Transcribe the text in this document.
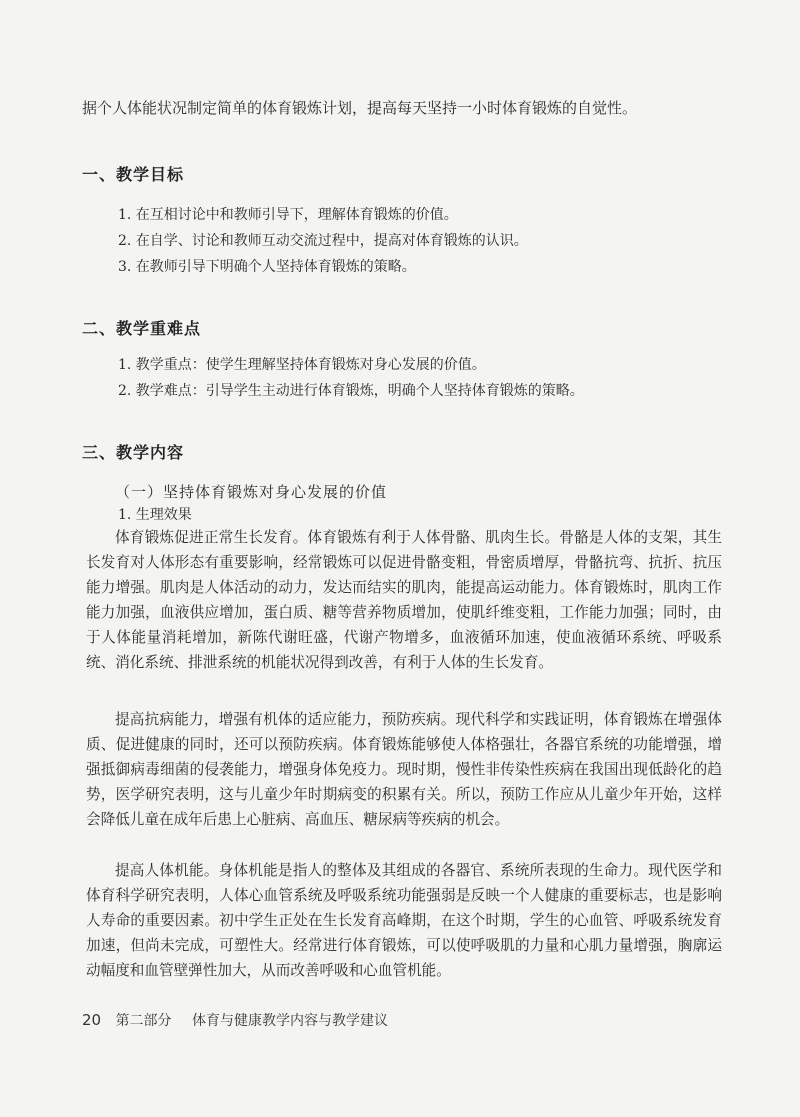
据个人体能状况制定简单的体育锻炼计划，提高每天坚持一小时体育锻炼的自觉性。
一、教学目标
1. 在互相讨论中和教师引导下，理解体育锻炼的价值。
2. 在自学、讨论和教师互动交流过程中，提高对体育锻炼的认识。
3. 在教师引导下明确个人坚持体育锻炼的策略。
二、教学重难点
1. 教学重点：使学生理解坚持体育锻炼对身心发展的价值。
2. 教学难点：引导学生主动进行体育锻炼，明确个人坚持体育锻炼的策略。
三、教学内容
（一）坚持体育锻炼对身心发展的价值
1. 生理效果

体育锻炼促进正常生长发育。体育锻炼有利于人体骨骼、肌肉生长。骨骼是人体的支架，其生长发育对人体形态有重要影响，经常锻炼可以促进骨骼变粗，骨密质增厚，骨骼抗弯、抗折、抗压能力增强。肌肉是人体活动的动力，发达而结实的肌肉，能提高运动能力。体育锻炼时，肌肉工作能力加强，血液供应增加，蛋白质、糖等营养物质增加，使肌纤维变粗，工作能力加强；同时，由于人体能量消耗增加，新陈代谢旺盛，代谢产物增多，血液循环加速，使血液循环系统、呼吸系统、消化系统、排泄系统的机能状况得到改善，有利于人体的生长发育。

提高抗病能力，增强有机体的适应能力，预防疾病。现代科学和实践证明，体育锻炼在增强体质、促进健康的同时，还可以预防疾病。体育锻炼能够使人体格强壮，各器官系统的功能增强，增强抵御病毒细菌的侵袭能力，增强身体免疫力。现时期，慢性非传染性疾病在我国出现低龄化的趋势，医学研究表明，这与儿童少年时期病变的积累有关。所以，预防工作应从儿童少年开始，这样会降低儿童在成年后患上心脏病、高血压、糖尿病等疾病的机会。

提高人体机能。身体机能是指人的整体及其组成的各器官、系统所表现的生命力。现代医学和体育科学研究表明，人体心血管系统及呼吸系统功能强弱是反映一个人健康的重要标志，也是影响人寿命的重要因素。初中学生正处在生长发育高峰期，在这个时期，学生的心血管、呼吸系统发育加速，但尚未完成，可塑性大。经常进行体育锻炼，可以使呼吸肌的力量和心肌力量增强，胸廓运动幅度和血管壁弹性加大，从而改善呼吸和心血管机能。

20 第二部分 体育与健康教学内容与教学建议
